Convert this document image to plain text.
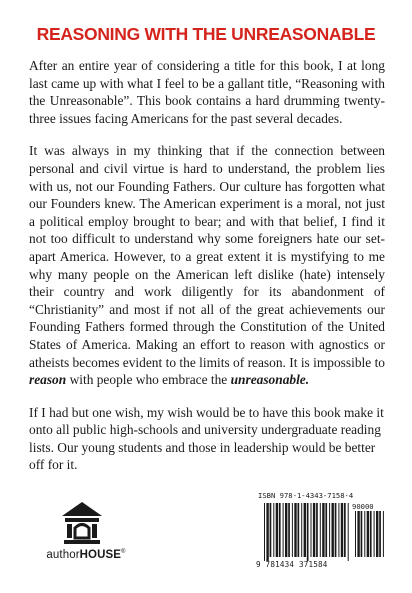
REASONING WITH THE UNREASONABLE

After an entire year of considering a title for this book, I at long last came up with what I feel to be a gallant title, “Reasoning with the Unreasonable”. This book contains a hard drumming twenty-three issues facing Americans for the past several decades.

It was always in my thinking that if the connection between personal and civil virtue is hard to understand, the problem lies with us, not our Founding Fathers. Our culture has forgotten what our Founders knew. The American experiment is a moral, not just a political employ brought to bear; and with that belief, I find it not too difficult to understand why some foreigners hate our set-apart America. However, to a great extent it is mystifying to me why many people on the American left dislike (hate) intensely their country and work diligently for its abandonment of “Christianity” and most if not all of the great achievements our Founding Fathers formed through the Constitution of the United States of America. Making an effort to reason with agnostics or atheists becomes evident to the limits of reason. It is impossible to reason with people who embrace the unreasonable.

If I had but one wish, my wish would be to have this book make it onto all public high-schools and university undergraduate reading lists. Our young students and those in leadership would be better off for it.

authorHOUSE®
ISBN 978-1-4343-7158-4
90000
9 781434 371584
